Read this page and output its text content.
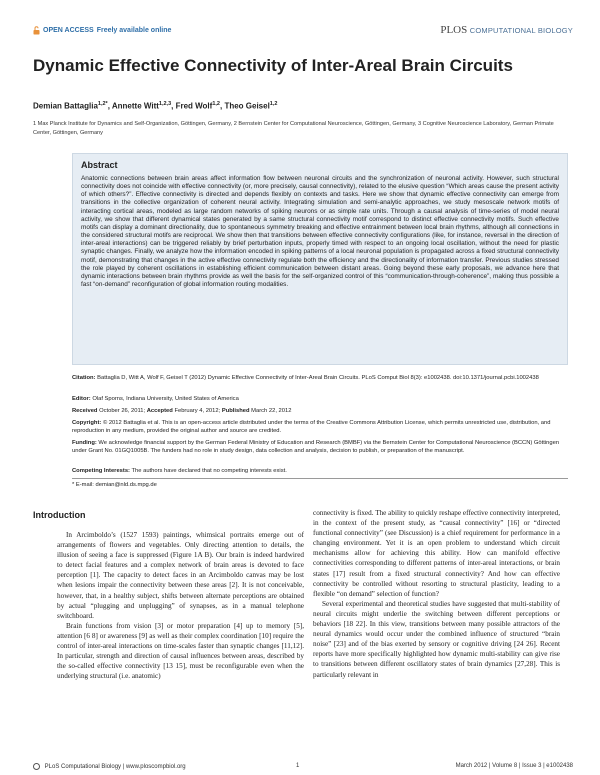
OPEN ACCESS Freely available online	PLOS COMPUTATIONAL BIOLOGY
Dynamic Effective Connectivity of Inter-Areal Brain Circuits
Demian Battaglia$^{1,2*}$, Annette Witt$^{1,2,3}$, Fred Wolf$^{1,2}$, Theo Geisel$^{1,2}$
1 Max Planck Institute for Dynamics and Self-Organization, Göttingen, Germany, 2 Bernstein Center for Computational Neuroscience, Göttingen, Germany, 3 Cognitive Neuroscience Laboratory, German Primate Center, Göttingen, Germany
Abstract

Anatomic connections between brain areas affect information flow between neuronal circuits and the synchronization of neuronal activity. However, such structural connectivity does not coincide with effective connectivity (or, more precisely, causal connectivity), related to the elusive question “Which areas cause the present activity of which others?”. Effective connectivity is directed and depends flexibly on contexts and tasks. Here we show that dynamic effective connectivity can emerge from transitions in the collective organization of coherent neural activity. Integrating simulation and semi-analytic approaches, we study mesoscale network motifs of interacting cortical areas, modeled as large random networks of spiking neurons or as simple rate units. Through a causal analysis of time-series of model neural activity, we show that different dynamical states generated by a same structural connectivity motif correspond to distinct effective connectivity motifs. Such effective motifs can display a dominant directionality, due to spontaneous symmetry breaking and effective entrainment between local brain rhythms, although all connections in the considered structural motifs are reciprocal. We show then that transitions between effective connectivity configurations (like, for instance, reversal in the direction of inter-areal interactions) can be triggered reliably by brief perturbation inputs, properly timed with respect to an ongoing local oscillation, without the need for plastic synaptic changes. Finally, we analyze how the information encoded in spiking patterns of a local neuronal population is propagated across a fixed structural connectivity motif, demonstrating that changes in the active effective connectivity regulate both the efficiency and the directionality of information transfer. Previous studies stressed the role played by coherent oscillations in establishing efficient communication between distant areas. Going beyond these early proposals, we advance here that dynamic interactions between brain rhythms provide as well the basis for the self-organized control of this “communication-through-coherence”, making thus possible a fast “on-demand” reconfiguration of global information routing modalities.

Citation: Battaglia D, Witt A, Wolf F, Geisel T (2012) Dynamic Effective Connectivity of Inter-Areal Brain Circuits. PLoS Comput Biol 8(3): e1002438. doi:10.1371/journal.pcbi.1002438
Editor: Olaf Sporns, Indiana University, United States of America
Received October 26, 2011; Accepted February 4, 2012; Published March 22, 2012
Copyright: © 2012 Battaglia et al. This is an open-access article distributed under the terms of the Creative Commons Attribution License, which permits unrestricted use, distribution, and reproduction in any medium, provided the original author and source are credited.
Funding: We acknowledge financial support by the German Federal Ministry of Education and Research (BMBF) via the Bernstein Center for Computational Neuroscience (BCCN) Göttingen under Grant No. 01GQ1005B. The funders had no role in study design, data collection and analysis, decision to publish, or preparation of the manuscript.
Competing Interests: The authors have declared that no competing interests exist.
* E-mail: demian@nld.ds.mpg.de
Introduction

In Arcimboldo’s (1527 1593) paintings, whimsical portraits emerge out of arrangements of flowers and vegetables. Only directing attention to details, the illusion of seeing a face is suppressed (Figure 1A B). Our brain is indeed hardwired to detect facial features and a complex network of brain areas is devoted to face perception [1]. The capacity to detect faces in an Arcimboldo canvas may be lost when lesions impair the connectivity between these areas [2]. It is not conceivable, however, that, in a healthy subject, shifts between alternate perceptions are obtained by actual “plugging and unplugging” of synapses, as in a manual telephone switchboard.

Brain functions from vision [3] or motor preparation [4] up to memory [5], attention [6 8] or awareness [9] as well as their complex coordination [10] require the control of inter-areal interactions on time-scales faster than synaptic changes [11,12]. In particular, strength and direction of causal influences between areas, described by the so-called effective connectivity [13 15], must be reconfigurable even when the underlying structural (i.e. anatomic)

connectivity is fixed. The ability to quickly reshape effective connectivity interpreted, in the context of the present study, as “causal connectivity” [16] or “directed functional connectivity” (see Discussion) is a chief requirement for performance in a changing environment. Yet it is an open problem to understand which circuit mechanisms allow for achieving this ability. How can manifold effective connectivities corresponding to different patterns of inter-areal interactions, or brain states [17] result from a fixed structural connectivity? And how can effective connectivity be controlled without resorting to structural plasticity, leading to a flexible “on demand” selection of function?

Several experimental and theoretical studies have suggested that multi-stability of neural circuits might underlie the switching between different perceptions or behaviors [18 22]. In this view, transitions between many possible attractors of the neural dynamics would occur under the combined influence of structured “brain noise” [23] and of the bias exerted by sensory or cognitive driving [24 26]. Recent reports have more specifically highlighted how dynamic multi-stability can give rise to transitions between different oscillatory states of brain dynamics [27,28]. This is particularly relevant in

PLoS Computational Biology | www.ploscompbiol.org	1	March 2012 | Volume 8 | Issue 3 | e1002438
